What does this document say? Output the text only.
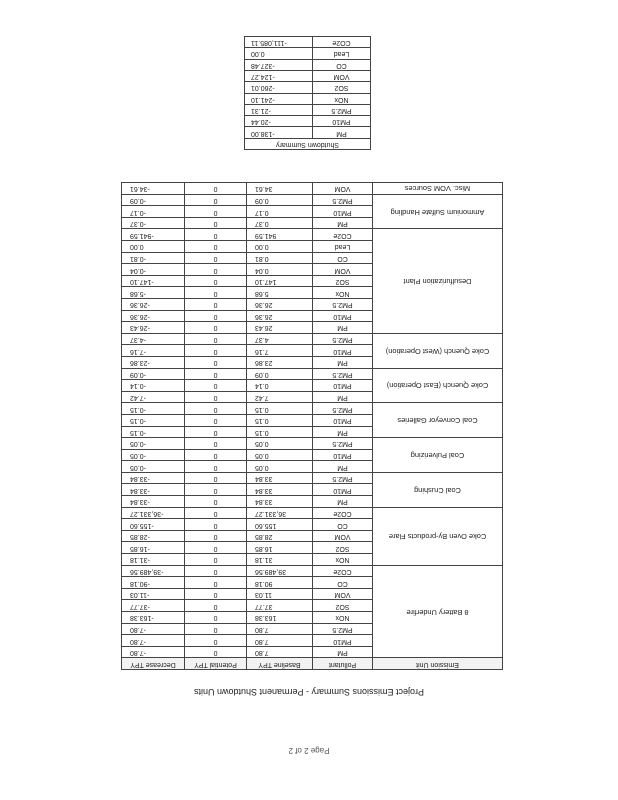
Project Emissions Summary - Permanent Shutdown Units
Emission Unit	Pollutant	Baseline TPY	Potential TPY	Decrease TPY
8 Battery Underfire	PM	7.80	0	-7.80
	PM10	7.80	0	-7.80
	PM2.5	7.80	0	-7.80
	NOx	163.38	0	-163.38
	SO2	37.77	0	-37.77
	VOM	11.03	0	-11.03
	CO	90.18	0	-90.18
	CO2e	39,489.56	0	-39,489.56
Coke Oven By-products Flare	NOx	31.18	0	-31.18
	SO2	16.85	0	-16.85
	VOM	28.85	0	-28.85
	CO	155.60	0	-155.60
	CO2e	36,331.27	0	-36,331.27
Coal Crushing	PM	33.84	0	-33.84
	PM10	33.84	0	-33.84
	PM2.5	33.84	0	-33.84
Coal Pulverizing	PM	0.05	0	-0.05
	PM10	0.05	0	-0.05
	PM2.5	0.05	0	-0.05
Coal Conveyor Galleries	PM	0.15	0	-0.15
	PM10	0.15	0	-0.15
	PM2.5	0.15	0	-0.15
Coke Quench (East Operation)	PM	7.42	0	-7.42
	PM10	0.14	0	-0.14
	PM2.5	0.09	0	-0.09
Coke Quench (West Operation)	PM	23.86	0	-23.86
	PM10	7.16	0	-7.16
	PM2.5	4.37	0	-4.37
Desulfurization Plant	PM	26.43	0	-26.43
	PM10	26.36	0	-26.36
	PM2.5	26.36	0	-26.36
	NOx	5.68	0	-5.68
	SO2	147.10	0	-147.10
	VOM	0.04	0	-0.04
	CO	0.81	0	-0.81
	Lead	0.00	0	0.00
	CO2e	941.59	0	-941.59
Ammonium Sulfate Handling	PM	0.37	0	-0.37
	PM10	0.17	0	-0.17
	PM2.5	0.09	0	-0.09
Misc. VOM Sources	VOM	34.61	0	-34.61
Shutdown Summary	
PM	-138.00
PM10	-20.44
PM2.5	-21.31
NOx	-241.10
SO2	-260.01
VOM	-124.27
CO	-327.48
Lead	0.00
CO2e	-111,085.11
Page 2 of 2
